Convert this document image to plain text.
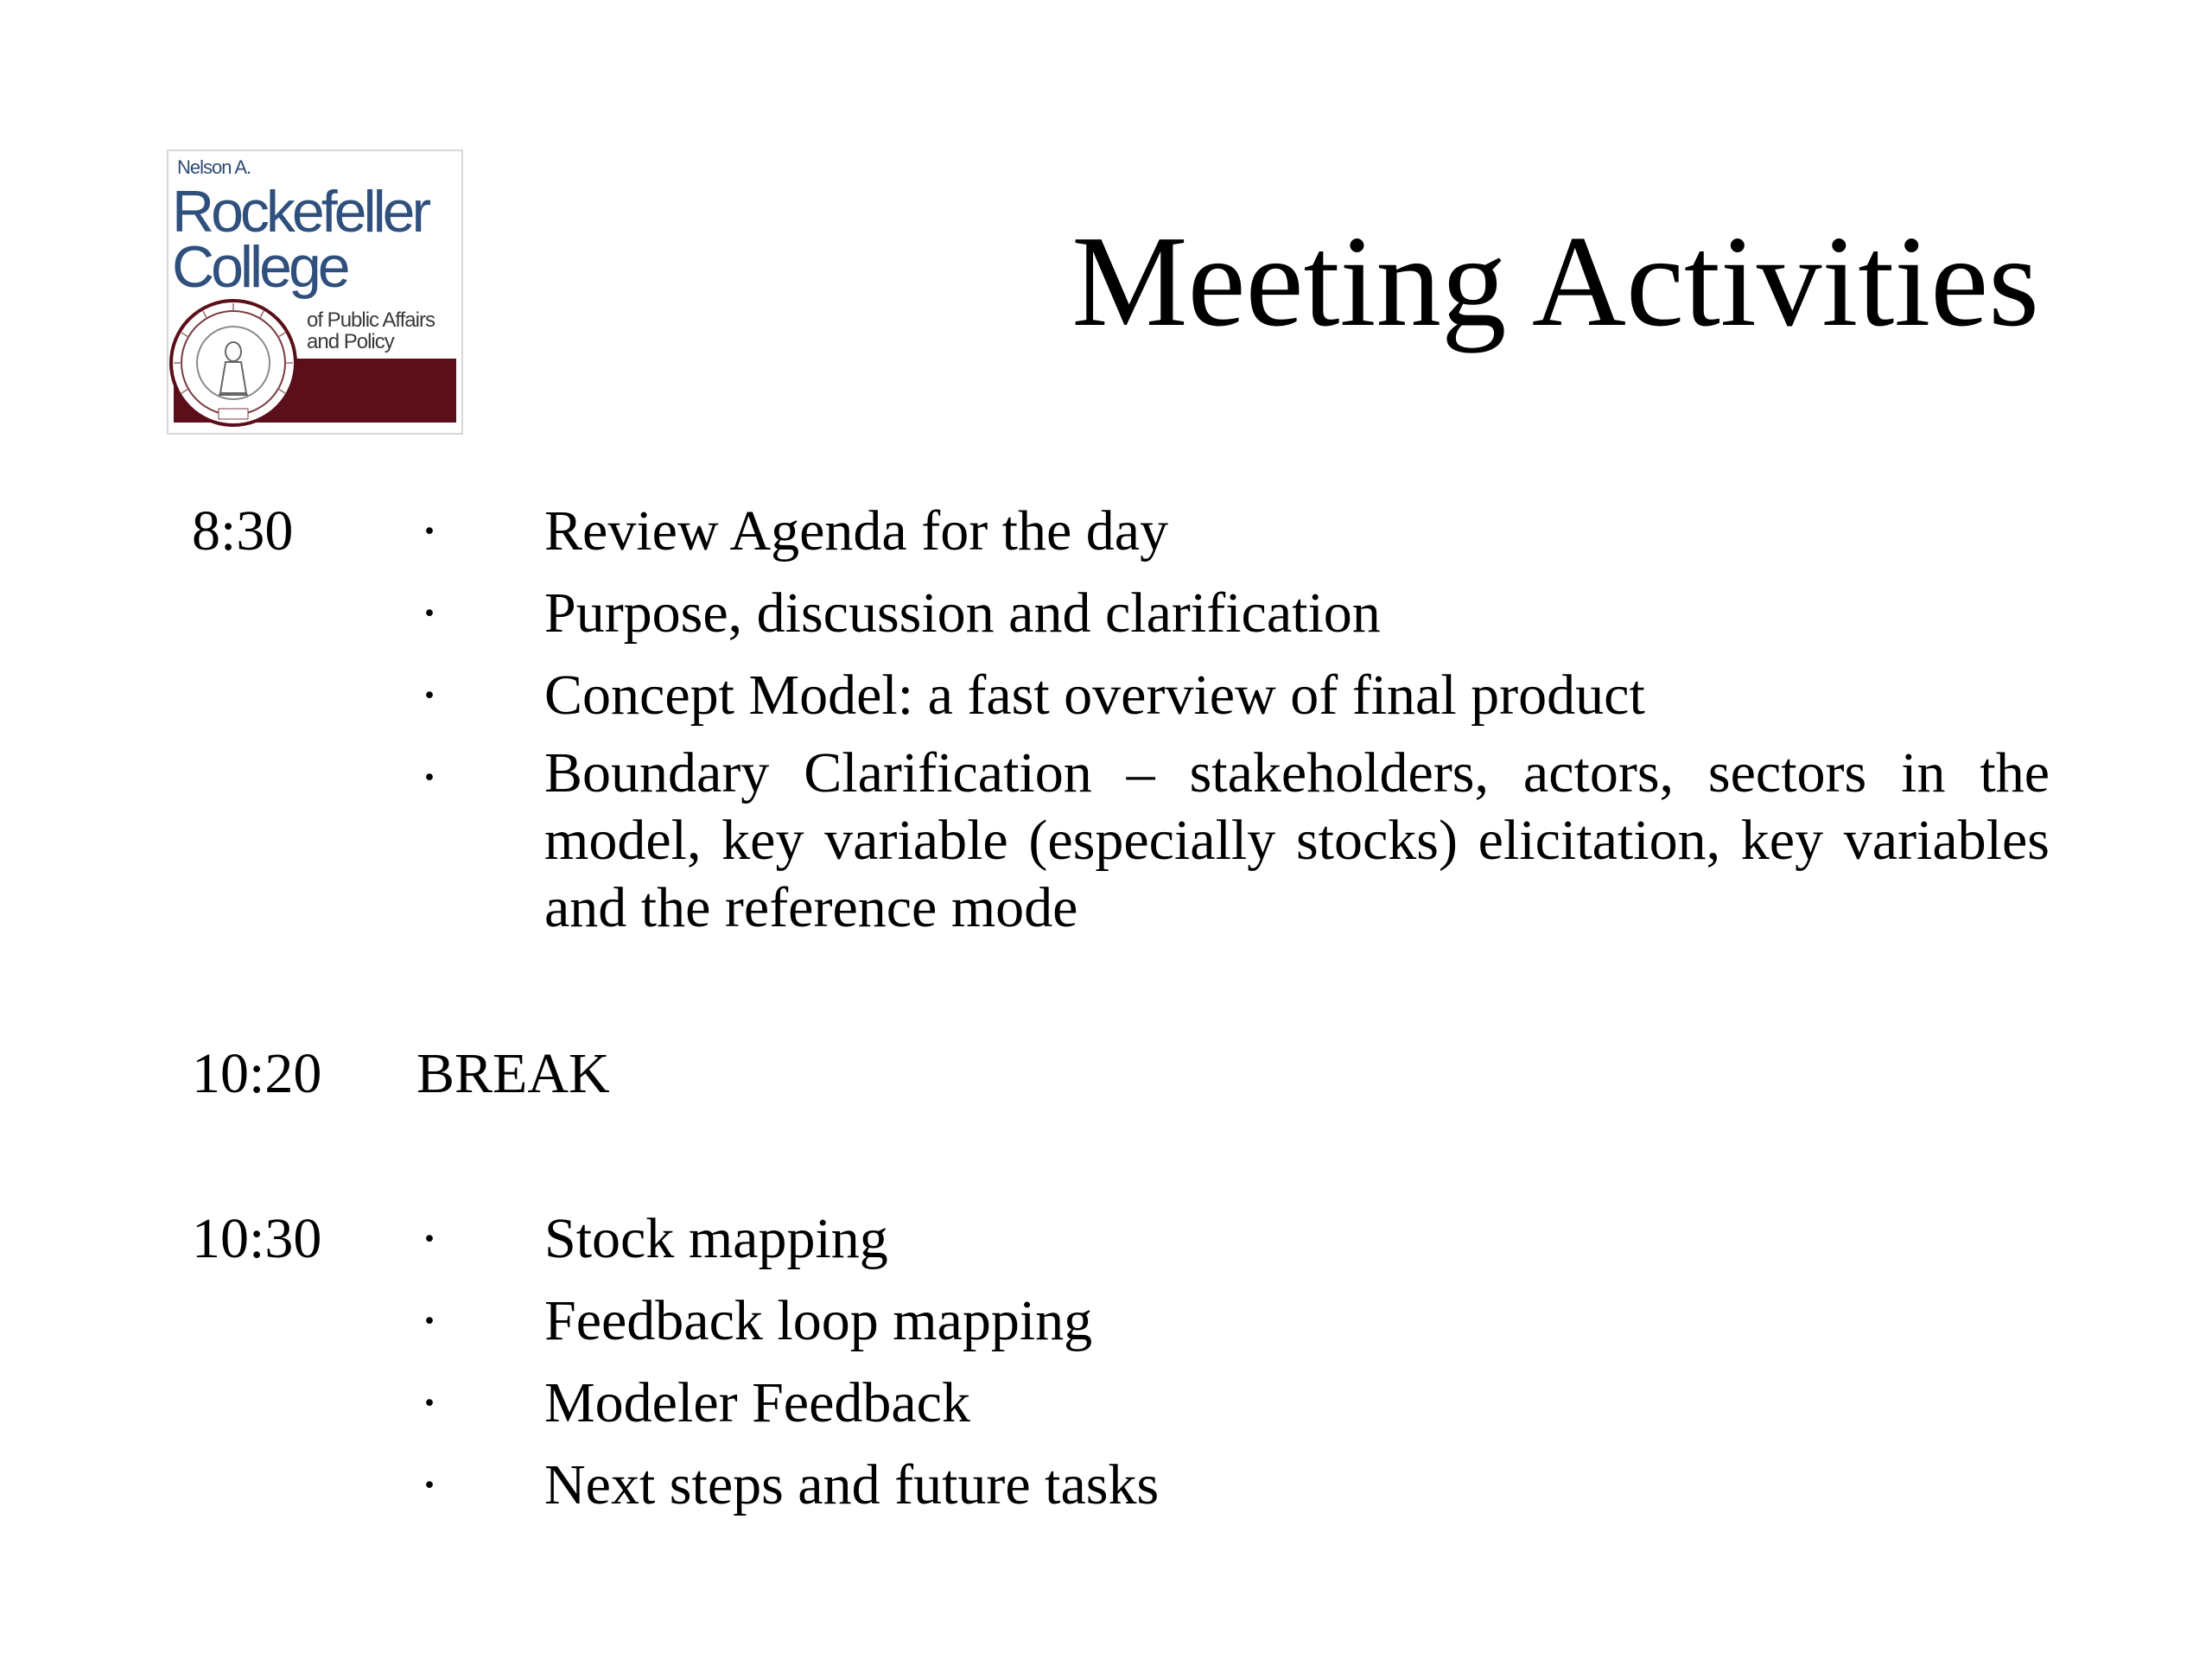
Nelson A.
Rockefeller
College
of Public Affairs
and Policy	Meeting Activities
8:30 · Review Agenda for the day
· Purpose, discussion and clarification
· Concept Model: a fast overview of final product
· Boundary Clarification – stakeholders, actors, sectors in the model, key variable (especially stocks) elicitation, key variables and the reference mode
10:20 BREAK
10:30 · Stock mapping
· Feedback loop mapping
· Modeler Feedback
· Next steps and future tasks
